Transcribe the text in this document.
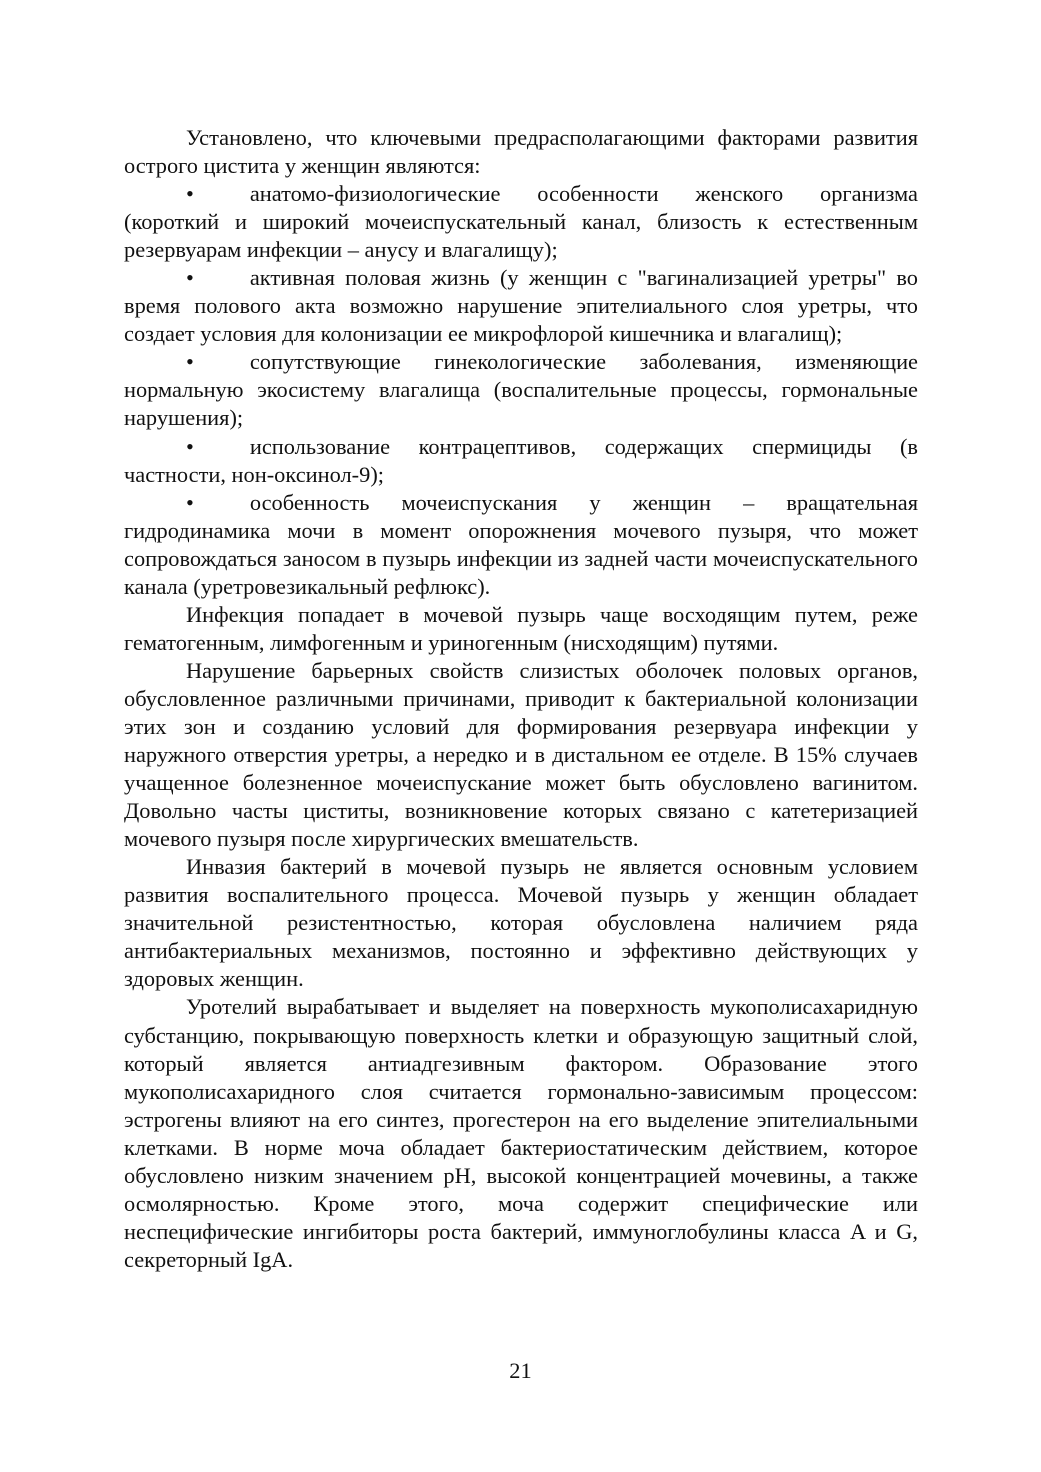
Установлено, что ключевыми предрасполагающими факторами развития острого цистита у женщин являются:

•	анатомо-физиологические особенности женского организма (короткий и широкий мочеиспускательный канал, близость к естественным резервуарам инфекции – анусу и влагалищу);

•	активная половая жизнь (у женщин с "вагинализацией уретры" во время полового акта возможно нарушение эпителиального слоя уретры, что создает условия для колонизации ее микрофлорой кишечника и влагалищ);

•	сопутствующие гинекологические заболевания, изменяющие нормальную экосистему влагалища (воспалительные процессы, гормональные нарушения);

•	использование контрацептивов, содержащих спермициды (в частности, нон-оксинол-9);

•	особенность мочеиспускания у женщин – вращательная гидродинамика мочи в момент опорожнения мочевого пузыря, что может сопровождаться заносом в пузырь инфекции из задней части мочеиспускательного канала (уретровезикальный рефлюкс).

Инфекция попадает в мочевой пузырь чаще восходящим путем, реже гематогенным, лимфогенным и уриногенным (нисходящим) путями.

Нарушение барьерных свойств слизистых оболочек половых органов, обусловленное различными причинами, приводит к бактериальной колонизации этих зон и созданию условий для формирования резервуара инфекции у наружного отверстия уретры, а нередко и в дистальном ее отделе. В 15% случаев учащенное болезненное мочеиспускание может быть обусловлено вагинитом. Довольно часты циститы, возникновение которых связано с катетеризацией мочевого пузыря после хирургических вмешательств.

Инвазия бактерий в мочевой пузырь не является основным условием развития воспалительного процесса. Мочевой пузырь у женщин обладает значительной резистентностью, которая обусловлена наличием ряда антибактериальных механизмов, постоянно и эффективно действующих у здоровых женщин.

Уротелий вырабатывает и выделяет на поверхность мукополисахаридную субстанцию, покрывающую поверхность клетки и образующую защитный слой, который является антиадгезивным фактором. Образование этого мукополисахаридного слоя считается гормонально-зависимым процессом: эстрогены влияют на его синтез, прогестерон на его выделение эпителиальными клетками. В норме моча обладает бактериостатическим действием, которое обусловлено низким значением pH, высокой концентрацией мочевины, а также осмолярностью. Кроме этого, моча содержит специфические или неспецифические ингибиторы роста бактерий, иммуноглобулины класса A и G, секреторный IgA.

21
